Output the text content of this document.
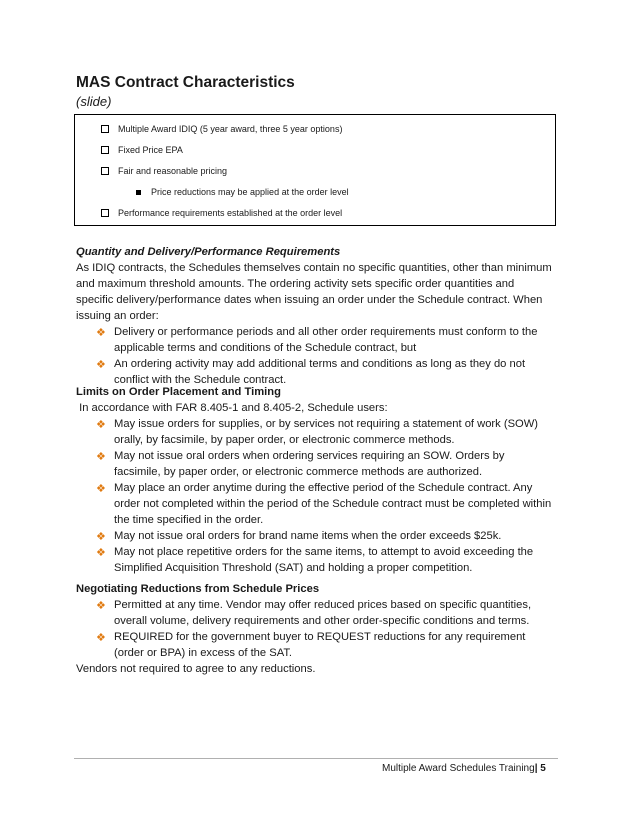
MAS Contract Characteristics
(slide)
Multiple Award IDIQ (5 year award, three 5 year options)
Fixed Price EPA
Fair and reasonable pricing
Price reductions may be applied at the order level
Performance requirements established at the order level
Quantity and Delivery/Performance Requirements
As IDIQ contracts, the Schedules themselves contain no specific quantities, other than minimum
and maximum threshold amounts. The ordering activity sets specific order quantities and
specific delivery/performance dates when issuing an order under the Schedule contract. When
issuing an order:
❖ Delivery or performance periods and all other order requirements must conform to the
applicable terms and conditions of the Schedule contract, but
❖ An ordering activity may add additional terms and conditions as long as they do not
conflict with the Schedule contract.
Limits on Order Placement and Timing
In accordance with FAR 8.405-1 and 8.405-2, Schedule users:
❖ May issue orders for supplies, or by services not requiring a statement of work (SOW)
orally, by facsimile, by paper order, or electronic commerce methods.
❖ May not issue oral orders when ordering services requiring an SOW. Orders by
facsimile, by paper order, or electronic commerce methods are authorized.
❖ May place an order anytime during the effective period of the Schedule contract. Any
order not completed within the period of the Schedule contract must be completed within
the time specified in the order.
❖ May not issue oral orders for brand name items when the order exceeds $25k.
❖ May not place repetitive orders for the same items, to attempt to avoid exceeding the
Simplified Acquisition Threshold (SAT) and holding a proper competition.
Negotiating Reductions from Schedule Prices
❖ Permitted at any time. Vendor may offer reduced prices based on specific quantities,
overall volume, delivery requirements and other order-specific conditions and terms.
❖ REQUIRED for the government buyer to REQUEST reductions for any requirement
(order or BPA) in excess of the SAT.
Vendors not required to agree to any reductions.
Multiple Award Schedules Training| 5
